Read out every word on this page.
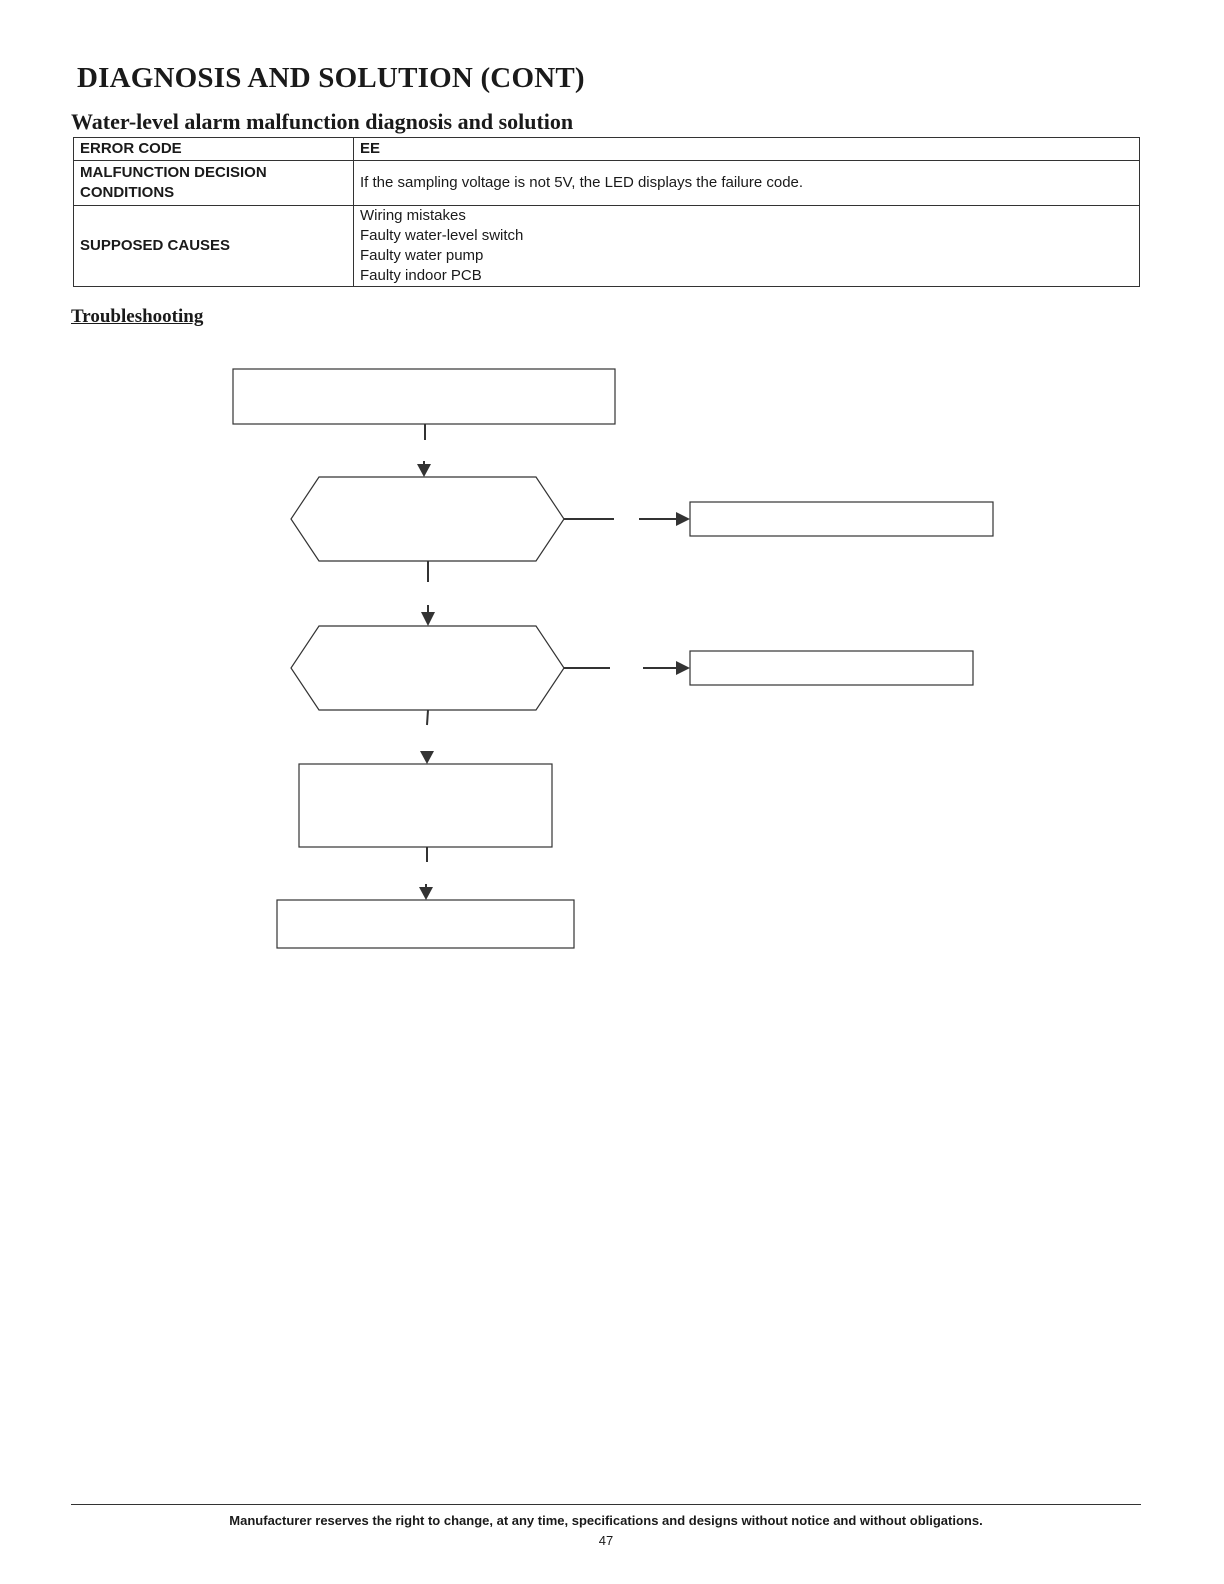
DIAGNOSIS AND SOLUTION (CONT)
Water-level alarm malfunction diagnosis and solution
ERROR CODE	EE
MALFUNCTION DECISION CONDITIONS	If the sampling voltage is not 5V, the LED displays the failure code.
SUPPOSED CAUSES	Wiring mistakes
Faulty water-level switch
Faulty water pump
Faulty indoor PCB
Troubleshooting
Manufacturer reserves the right to change, at any time, specifications and designs without notice and without obligations.
47
